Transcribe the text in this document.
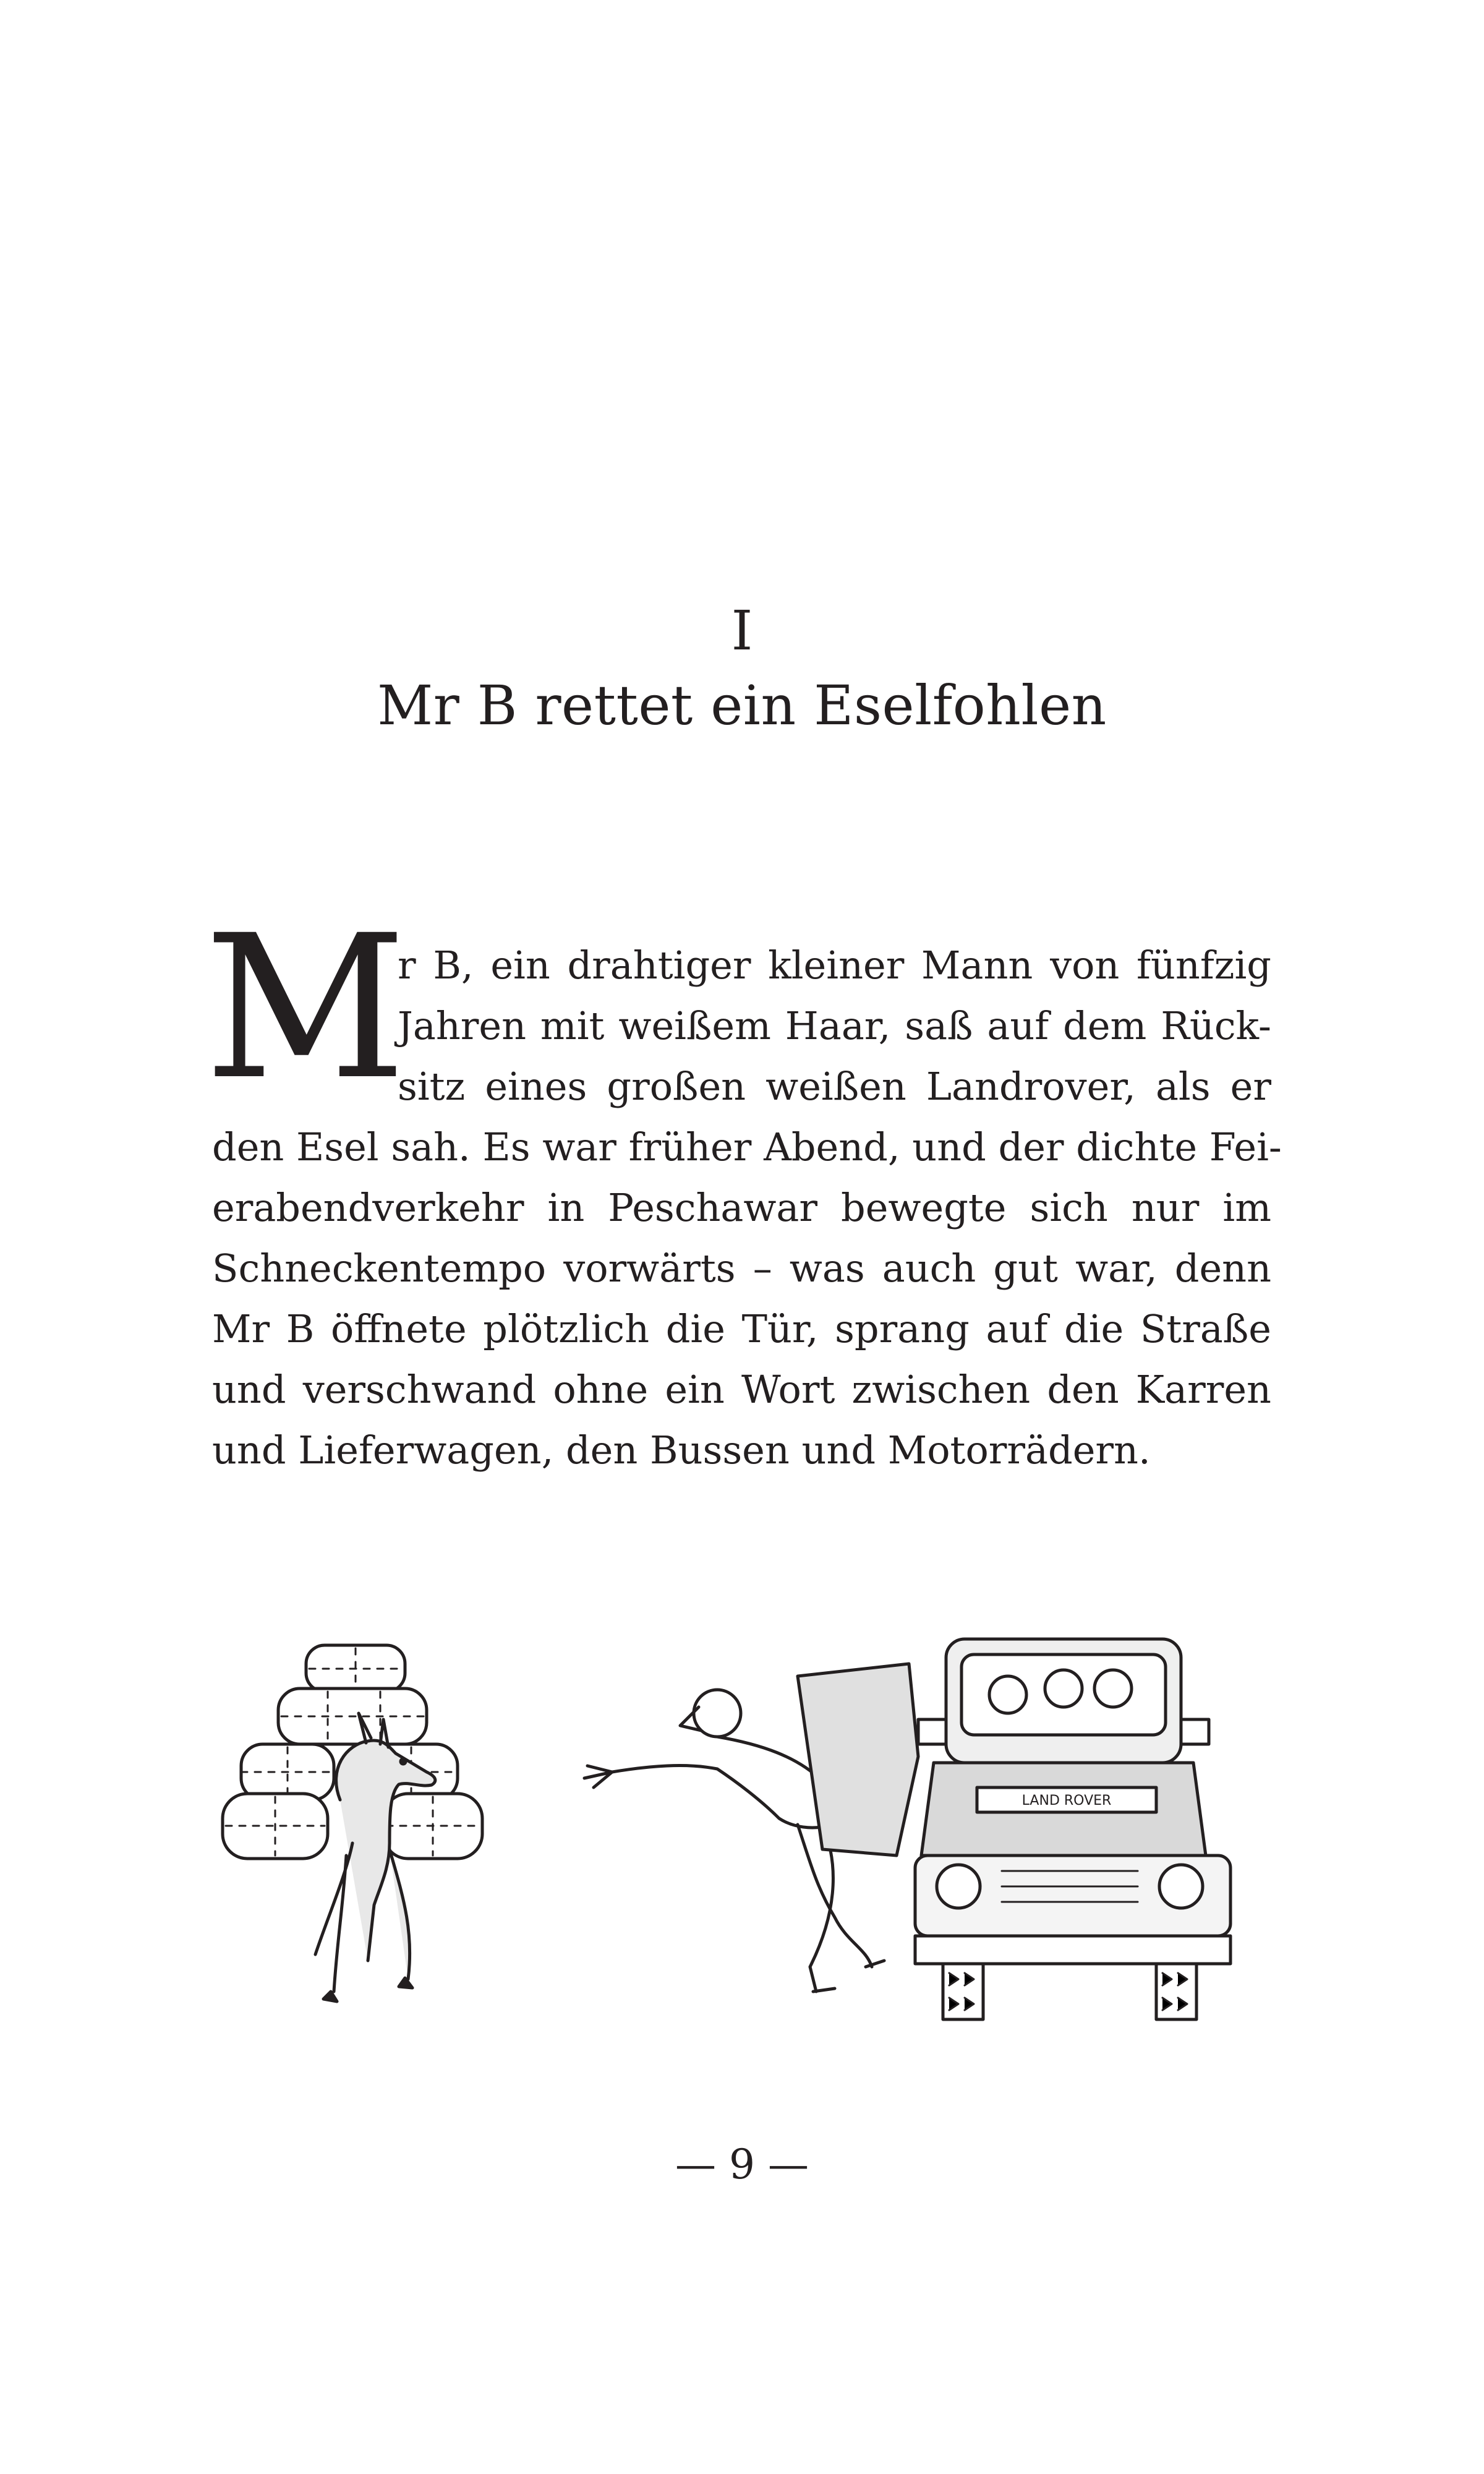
I
Mr B rettet ein Eselfohlen
M
r B, ein drahtiger kleiner Mann von fünfzig
Jahren mit weißem Haar, saß auf dem Rück-
sitz eines großen weißen Landrover, als er
den Esel sah. Es war früher Abend, und der dichte Fei-
erabendverkehr in Peschawar bewegte sich nur im
Schneckentempo vorwärts – was auch gut war, denn
Mr B öffnete plötzlich die Tür, sprang auf die Straße
und verschwand ohne ein Wort zwischen den Karren
und Lieferwagen, den Bussen und Motorrädern.
LAND ROVER
— 9 —
